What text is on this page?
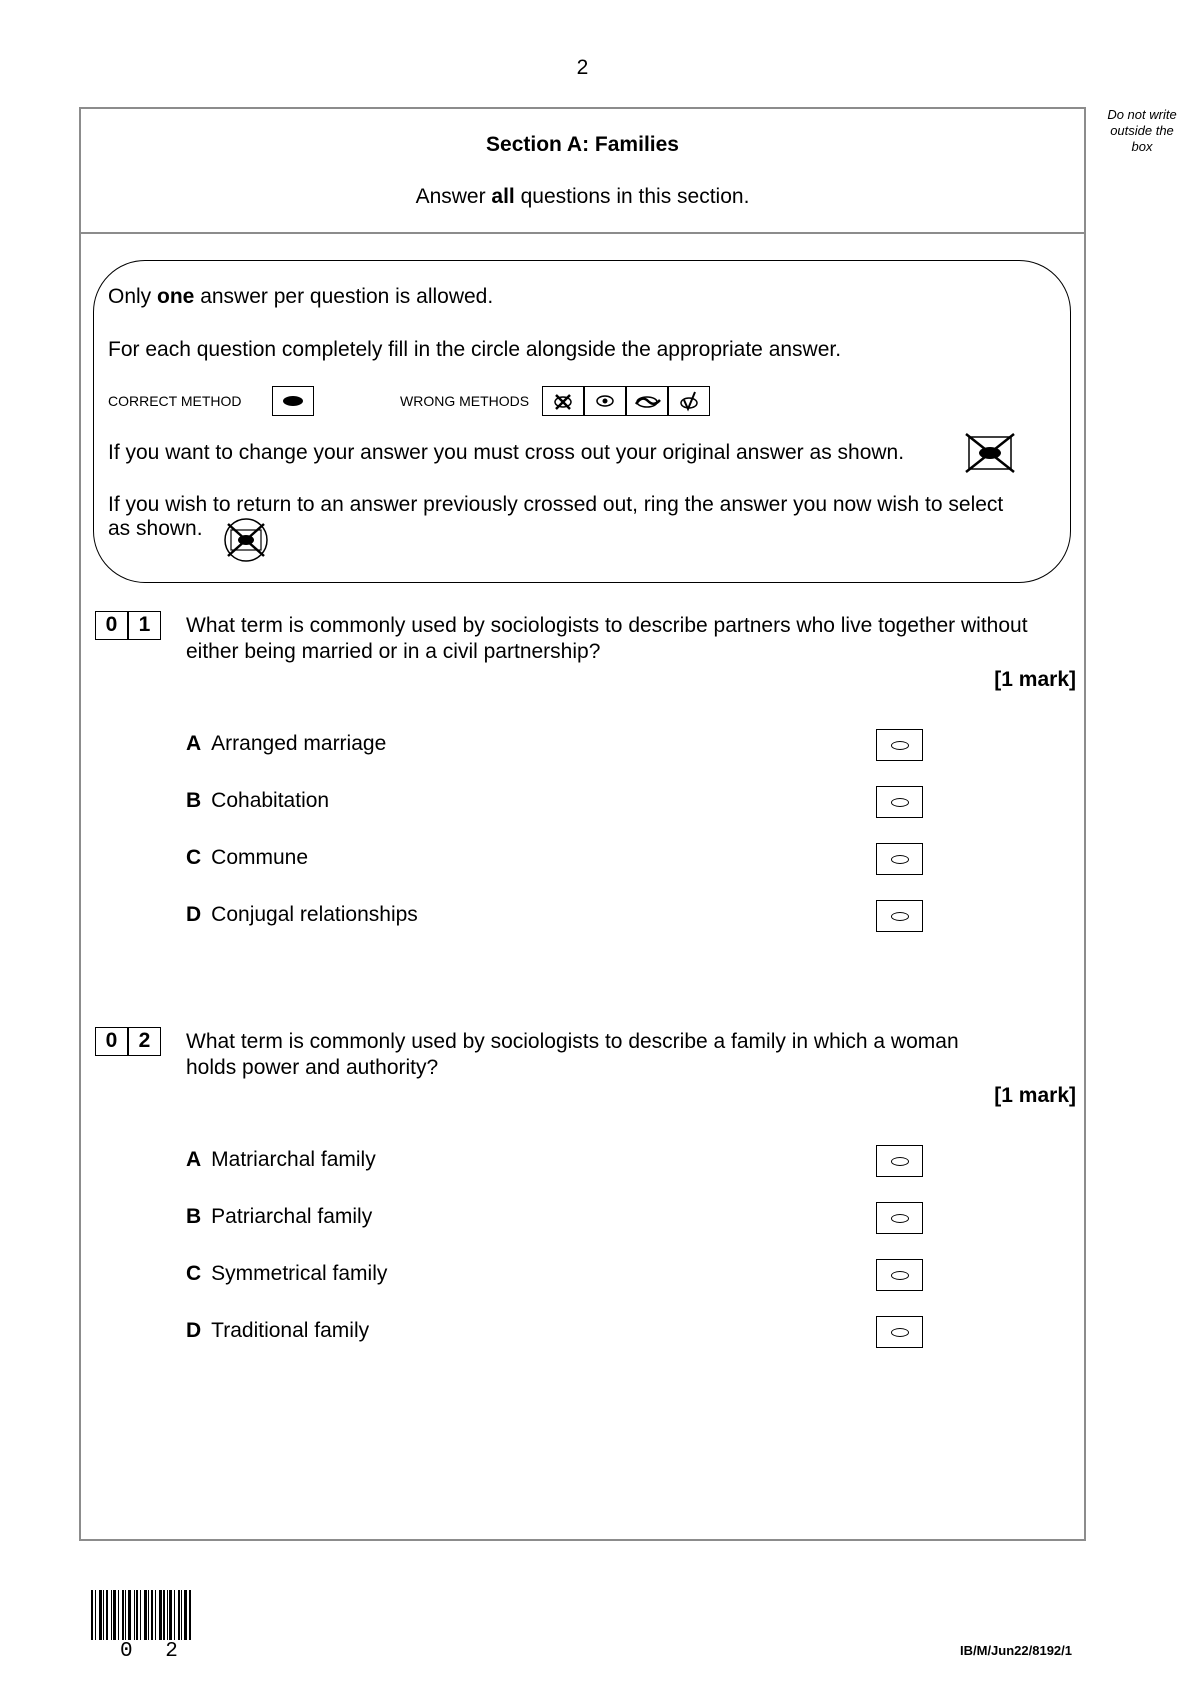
2
Do not write
outside the
box
Section A: Families
Answer all questions in this section.
Only one answer per question is allowed.
For each question completely fill in the circle alongside the appropriate answer.
CORRECT METHOD	WRONG METHODS
If you want to change your answer you must cross out your original answer as shown.
If you wish to return to an answer previously crossed out, ring the answer you now wish to select
as shown.
0	1	What term is commonly used by sociologists to describe partners who live together without
either being married or in a civil partnership?
[1 mark]
A Arranged marriage
B Cohabitation
C Commune
D Conjugal relationships
0	2	What term is commonly used by sociologists to describe a family in which a woman
holds power and authority?
[1 mark]
A Matriarchal family
B Patriarchal family
C Symmetrical family
D Traditional family
0 2	IB/M/Jun22/8192/1
